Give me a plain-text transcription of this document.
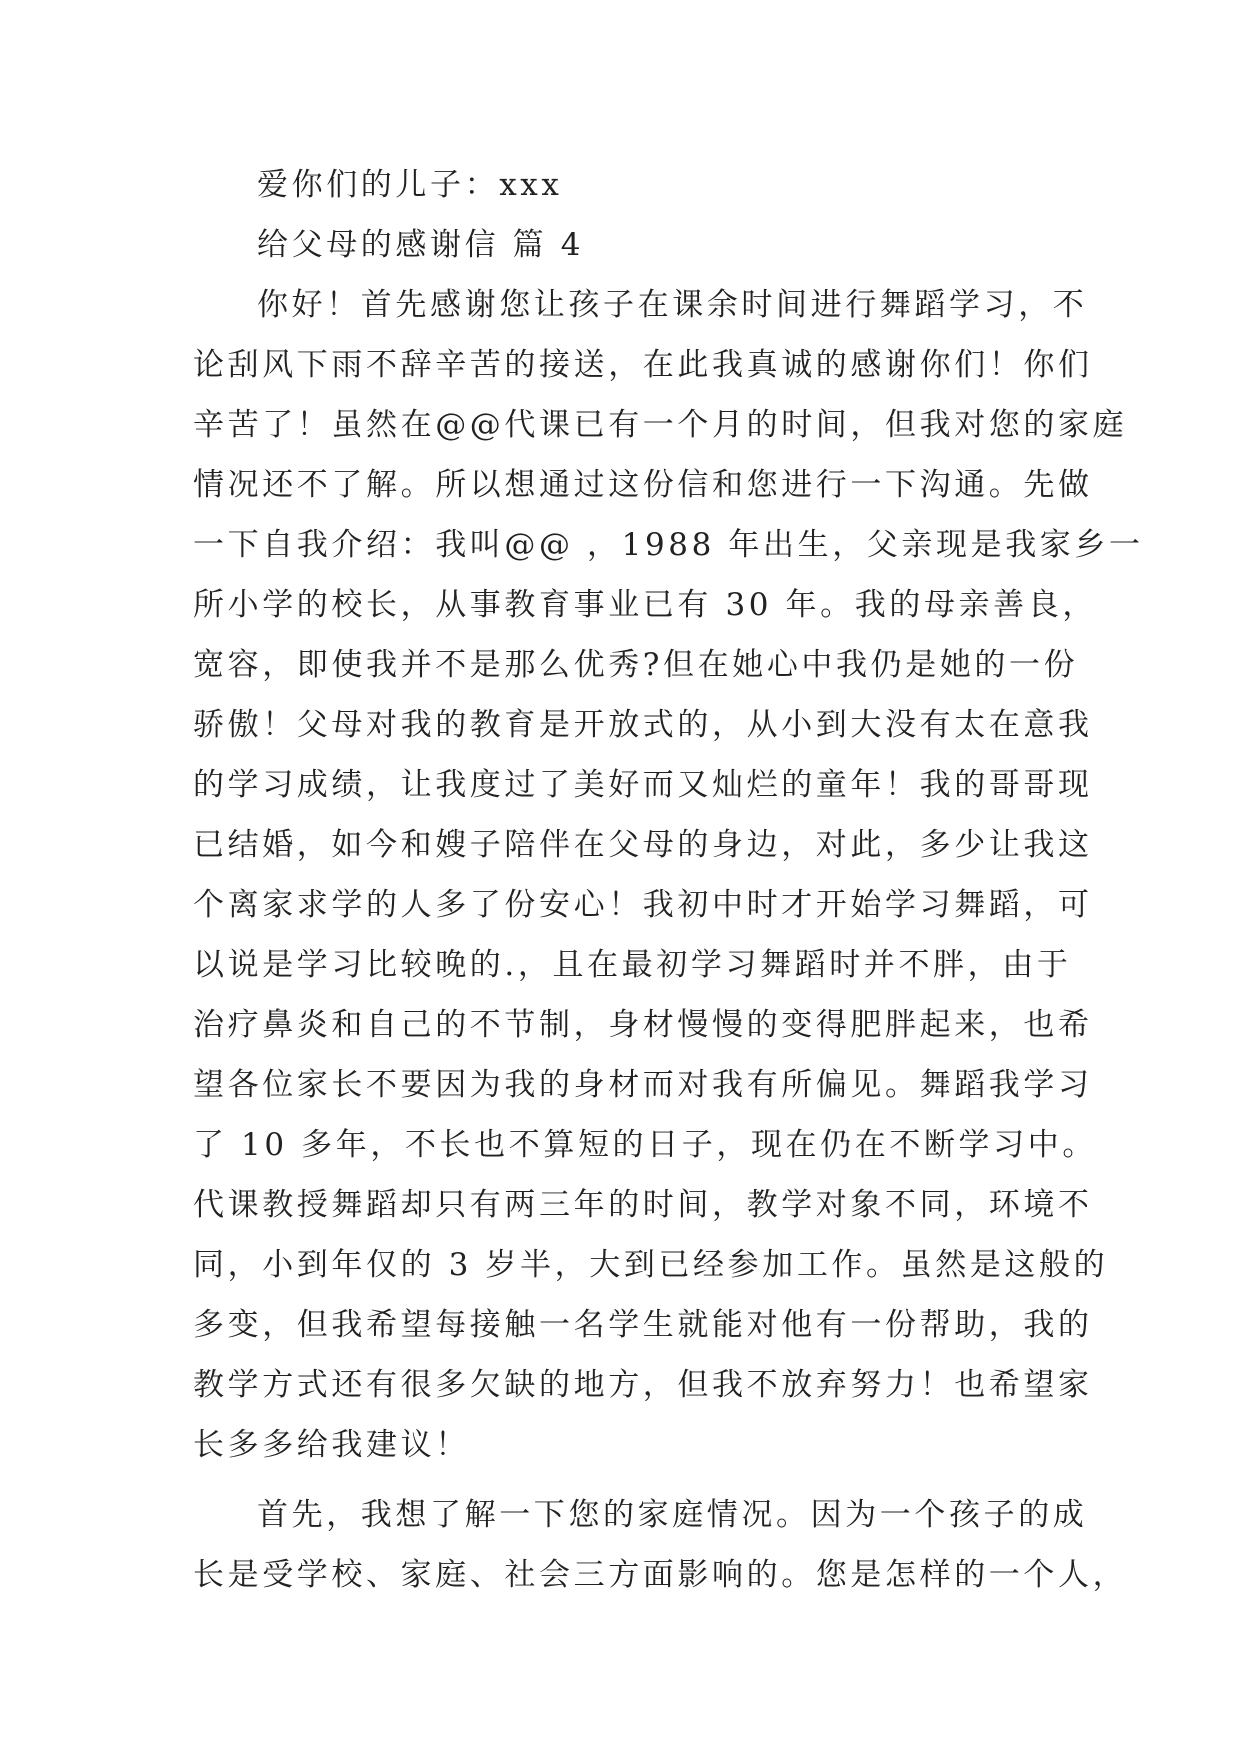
爱你们的儿子：xxx
给父母的感谢信 篇 4
你好！首先感谢您让孩子在课余时间进行舞蹈学习，不
论刮风下雨不辞辛苦的接送，在此我真诚的感谢你们！你们
辛苦了！虽然在@@代课已有一个月的时间，但我对您的家庭
情况还不了解。所以想通过这份信和您进行一下沟通。先做
一下自我介绍：我叫@@ ，1988 年出生，父亲现是我家乡一
所小学的校长，从事教育事业已有 30 年。我的母亲善良，
宽容，即使我并不是那么优秀?但在她心中我仍是她的一份
骄傲！父母对我的教育是开放式的，从小到大没有太在意我
的学习成绩，让我度过了美好而又灿烂的童年！我的哥哥现
已结婚，如今和嫂子陪伴在父母的身边，对此，多少让我这
个离家求学的人多了份安心！我初中时才开始学习舞蹈，可
以说是学习比较晚的.，且在最初学习舞蹈时并不胖，由于
治疗鼻炎和自己的不节制，身材慢慢的变得肥胖起来，也希
望各位家长不要因为我的身材而对我有所偏见。舞蹈我学习
了 10 多年，不长也不算短的日子，现在仍在不断学习中。
代课教授舞蹈却只有两三年的时间，教学对象不同，环境不
同，小到年仅的 3 岁半，大到已经参加工作。虽然是这般的
多变，但我希望每接触一名学生就能对他有一份帮助，我的
教学方式还有很多欠缺的地方，但我不放弃努力！也希望家
长多多给我建议！
首先，我想了解一下您的家庭情况。因为一个孩子的成
长是受学校、家庭、社会三方面影响的。您是怎样的一个人，
